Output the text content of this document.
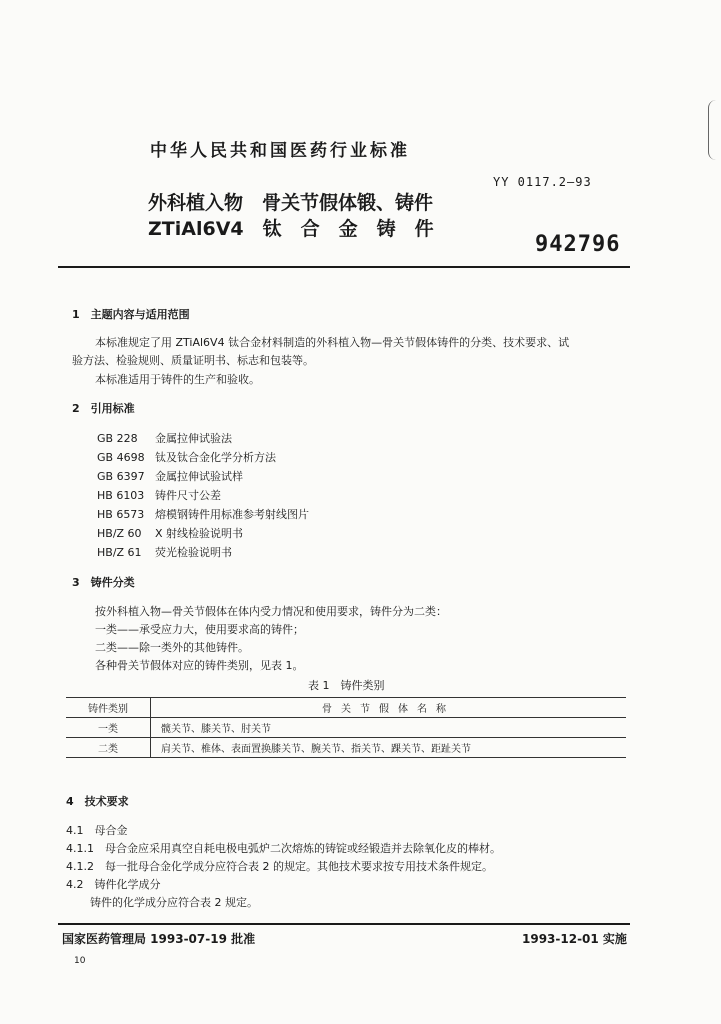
中华人民共和国医药行业标准
YY 0117.2—93
外科植入物　骨关节假体锻、铸件
ZTiAl6V4　钛　合　金　铸　件
942796
1　主题内容与适用范围
本标准规定了用 ZTiAl6V4 钛合金材料制造的外科植入物—骨关节假体铸件的分类、技术要求、试
验方法、检验规则、质量证明书、标志和包装等。
本标准适用于铸件的生产和验收。
2　引用标准
GB 228 金属拉伸试验法
GB 4698 钛及钛合金化学分析方法
GB 6397 金属拉伸试验试样
HB 6103 铸件尺寸公差
HB 6573 熔模钢铸件用标准参考射线图片
HB/Z 60 X 射线检验说明书
HB/Z 61 荧光检验说明书
3　铸件分类
按外科植入物—骨关节假体在体内受力情况和使用要求，铸件分为二类：
一类——承受应力大，使用要求高的铸件；
二类——除一类外的其他铸件。
各种骨关节假体对应的铸件类别，见表 1。
表 1　铸件类别
铸件类别	骨关节假体名称
一类	髋关节、膝关节、肘关节
二类	肩关节、椎体、表面置换膝关节、腕关节、指关节、踝关节、距趾关节
4　技术要求
4.1　母合金
4.1.1　母合金应采用真空自耗电极电弧炉二次熔炼的铸锭或经锻造并去除氧化皮的棒材。
4.1.2　每一批母合金化学成分应符合表 2 的规定。其他技术要求按专用技术条件规定。
4.2　铸件化学成分
铸件的化学成分应符合表 2 规定。
国家医药管理局 1993-07-19 批准	1993-12-01 实施
10
